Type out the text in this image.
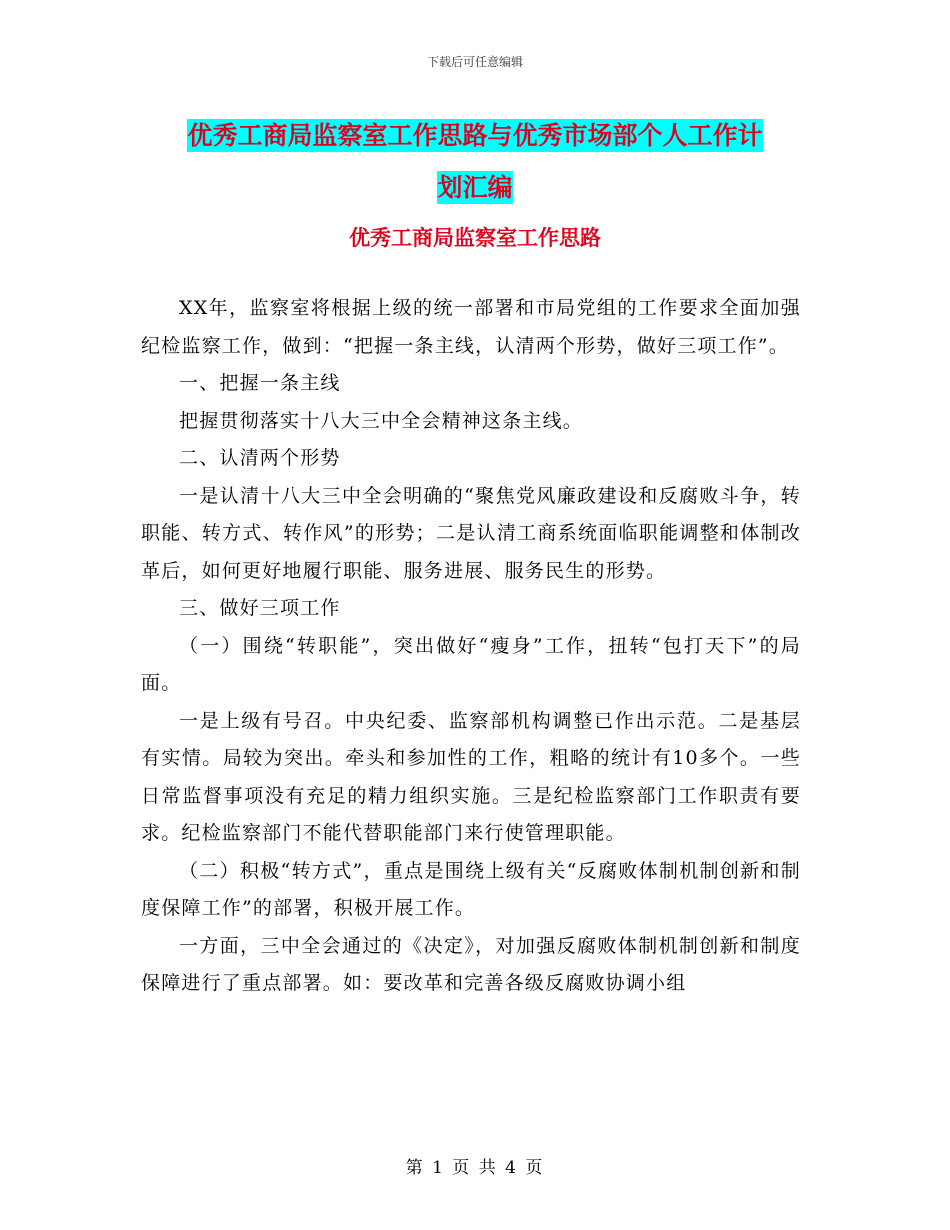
下载后可任意编辑
优秀工商局监察室工作思路与优秀市场部个人工作计
划汇编
优秀工商局监察室工作思路

XX年，监察室将根据上级的统一部署和市局党组的工作要求全面加强纪检监察工作，做到：“把握一条主线，认清两个形势，做好三项工作”。

一、把握一条主线

把握贯彻落实十八大三中全会精神这条主线。

二、认清两个形势

一是认清十八大三中全会明确的“聚焦党风廉政建设和反腐败斗争，转职能、转方式、转作风”的形势；二是认清工商系统面临职能调整和体制改革后，如何更好地履行职能、服务进展、服务民生的形势。

三、做好三项工作

（一）围绕“转职能”，突出做好“瘦身”工作，扭转“包打天下”的局面。

一是上级有号召。中央纪委、监察部机构调整已作出示范。二是基层有实情。局较为突出。牵头和参加性的工作，粗略的统计有10多个。一些日常监督事项没有充足的精力组织实施。三是纪检监察部门工作职责有要求。纪检监察部门不能代替职能部门来行使管理职能。

（二）积极“转方式”，重点是围绕上级有关“反腐败体制机制创新和制度保障工作”的部署，积极开展工作。

一方面，三中全会通过的《决定》，对加强反腐败体制机制创新和制度保障进行了重点部署。如：要改革和完善各级反腐败协调小组

第 1 页 共 4 页
